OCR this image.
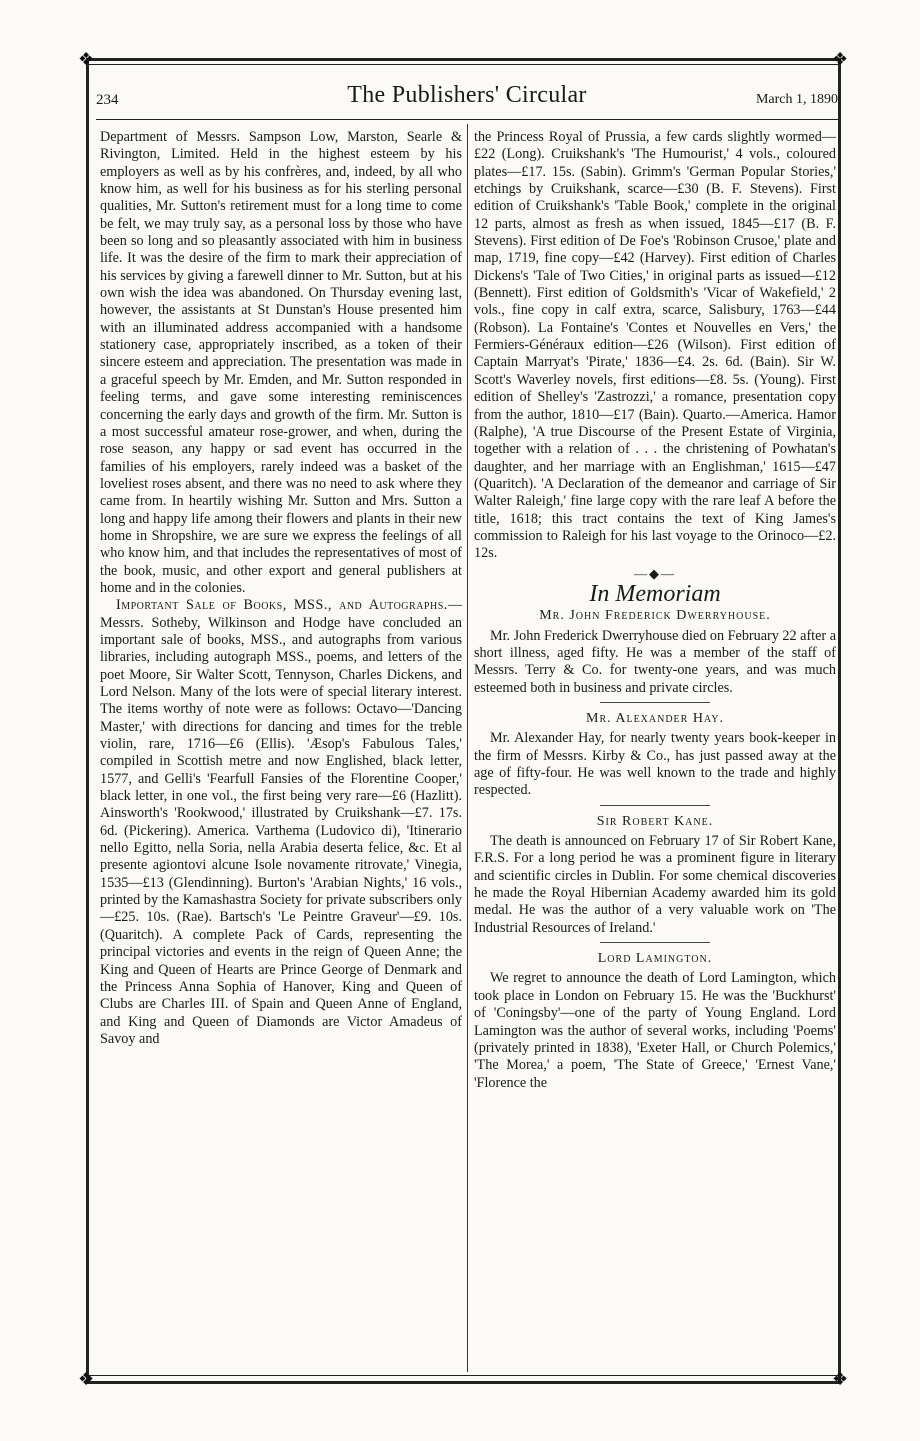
❖	❖
❖	❖
234	The Publishers' Circular	March 1, 1890

Department of Messrs. Sampson Low, Marston, Searle & Rivington, Limited. Held in the highest esteem by his employers as well as by his confrères, and, indeed, by all who know him, as well for his business as for his sterling personal qualities, Mr. Sutton's retirement must for a long time to come be felt, we may truly say, as a personal loss by those who have been so long and so pleasantly associated with him in business life. It was the desire of the firm to mark their appreciation of his services by giving a farewell dinner to Mr. Sutton, but at his own wish the idea was abandoned. On Thursday evening last, however, the assistants at St Dunstan's House presented him with an illuminated address accompanied with a handsome stationery case, appropriately inscribed, as a token of their sincere esteem and appreciation. The presentation was made in a graceful speech by Mr. Emden, and Mr. Sutton responded in feeling terms, and gave some interesting reminiscences concerning the early days and growth of the firm. Mr. Sutton is a most successful amateur rose-grower, and when, during the rose season, any happy or sad event has occurred in the families of his employers, rarely indeed was a basket of the loveliest roses absent, and there was no need to ask where they came from. In heartily wishing Mr. Sutton and Mrs. Sutton a long and happy life among their flowers and plants in their new home in Shropshire, we are sure we express the feelings of all who know him, and that includes the representatives of most of the book, music, and other export and general publishers at home and in the colonies.

Important Sale of Books, MSS., and Autographs.—Messrs. Sotheby, Wilkinson and Hodge have concluded an important sale of books, MSS., and autographs from various libraries, including autograph MSS., poems, and letters of the poet Moore, Sir Walter Scott, Tennyson, Charles Dickens, and Lord Nelson. Many of the lots were of special literary interest. The items worthy of note were as follows: Octavo—'Dancing Master,' with directions for dancing and times for the treble violin, rare, 1716—£6 (Ellis). 'Æsop's Fabulous Tales,' compiled in Scottish metre and now Englished, black letter, 1577, and Gelli's 'Fearfull Fansies of the Florentine Cooper,' black letter, in one vol., the first being very rare—£6 (Hazlitt). Ainsworth's 'Rookwood,' illustrated by Cruikshank—£7. 17s. 6d. (Pickering). America. Varthema (Ludovico di), 'Itinerario nello Egitto, nella Soria, nella Arabia deserta felice, &c. Et al presente agiontovi alcune Isole novamente ritrovate,' Vinegia, 1535—£13 (Glendinning). Burton's 'Arabian Nights,' 16 vols., printed by the Kamashastra Society for private subscribers only—£25. 10s. (Rae). Bartsch's 'Le Peintre Graveur'—£9. 10s. (Quaritch). A complete Pack of Cards, representing the principal victories and events in the reign of Queen Anne; the King and Queen of Hearts are Prince George of Denmark and the Princess Anna Sophia of Hanover, King and Queen of Clubs are Charles III. of Spain and Queen Anne of England, and King and Queen of Diamonds are Victor Amadeus of Savoy and

the Princess Royal of Prussia, a few cards slightly wormed—£22 (Long). Cruikshank's 'The Humourist,' 4 vols., coloured plates—£17. 15s. (Sabin). Grimm's 'German Popular Stories,' etchings by Cruikshank, scarce—£30 (B. F. Stevens). First edition of Cruikshank's 'Table Book,' complete in the original 12 parts, almost as fresh as when issued, 1845—£17 (B. F. Stevens). First edition of De Foe's 'Robinson Crusoe,' plate and map, 1719, fine copy—£42 (Harvey). First edition of Charles Dickens's 'Tale of Two Cities,' in original parts as issued—£12 (Bennett). First edition of Goldsmith's 'Vicar of Wakefield,' 2 vols., fine copy in calf extra, scarce, Salisbury, 1763—£44 (Robson). La Fontaine's 'Contes et Nouvelles en Vers,' the Fermiers-Généraux edition—£26 (Wilson). First edition of Captain Marryat's 'Pirate,' 1836—£4. 2s. 6d. (Bain). Sir W. Scott's Waverley novels, first editions—£8. 5s. (Young). First edition of Shelley's 'Zastrozzi,' a romance, presentation copy from the author, 1810—£17 (Bain). Quarto.—America. Hamor (Ralphe), 'A true Discourse of the Present Estate of Virginia, together with a relation of . . . the christening of Powhatan's daughter, and her marriage with an Englishman,' 1615—£47 (Quaritch). 'A Declaration of the demeanor and carriage of Sir Walter Raleigh,' fine large copy with the rare leaf A before the title, 1618; this tract contains the text of King James's commission to Raleigh for his last voyage to the Orinoco—£2. 12s.

—◆—
In Memoriam
Mr. John Frederick Dwerryhouse.

Mr. John Frederick Dwerryhouse died on February 22 after a short illness, aged fifty. He was a member of the staff of Messrs. Terry & Co. for twenty-one years, and was much esteemed both in business and private circles.

Mr. Alexander Hay.

Mr. Alexander Hay, for nearly twenty years book-keeper in the firm of Messrs. Kirby & Co., has just passed away at the age of fifty-four. He was well known to the trade and highly respected.

Sir Robert Kane.

The death is announced on February 17 of Sir Robert Kane, F.R.S. For a long period he was a prominent figure in literary and scientific circles in Dublin. For some chemical discoveries he made the Royal Hibernian Academy awarded him its gold medal. He was the author of a very valuable work on 'The Industrial Resources of Ireland.'

Lord Lamington.

We regret to announce the death of Lord Lamington, which took place in London on February 15. He was the 'Buckhurst' of 'Coningsby'—one of the party of Young England. Lord Lamington was the author of several works, including 'Poems' (privately printed in 1838), 'Exeter Hall, or Church Polemics,' 'The Morea,' a poem, 'The State of Greece,' 'Ernest Vane,' 'Florence the
